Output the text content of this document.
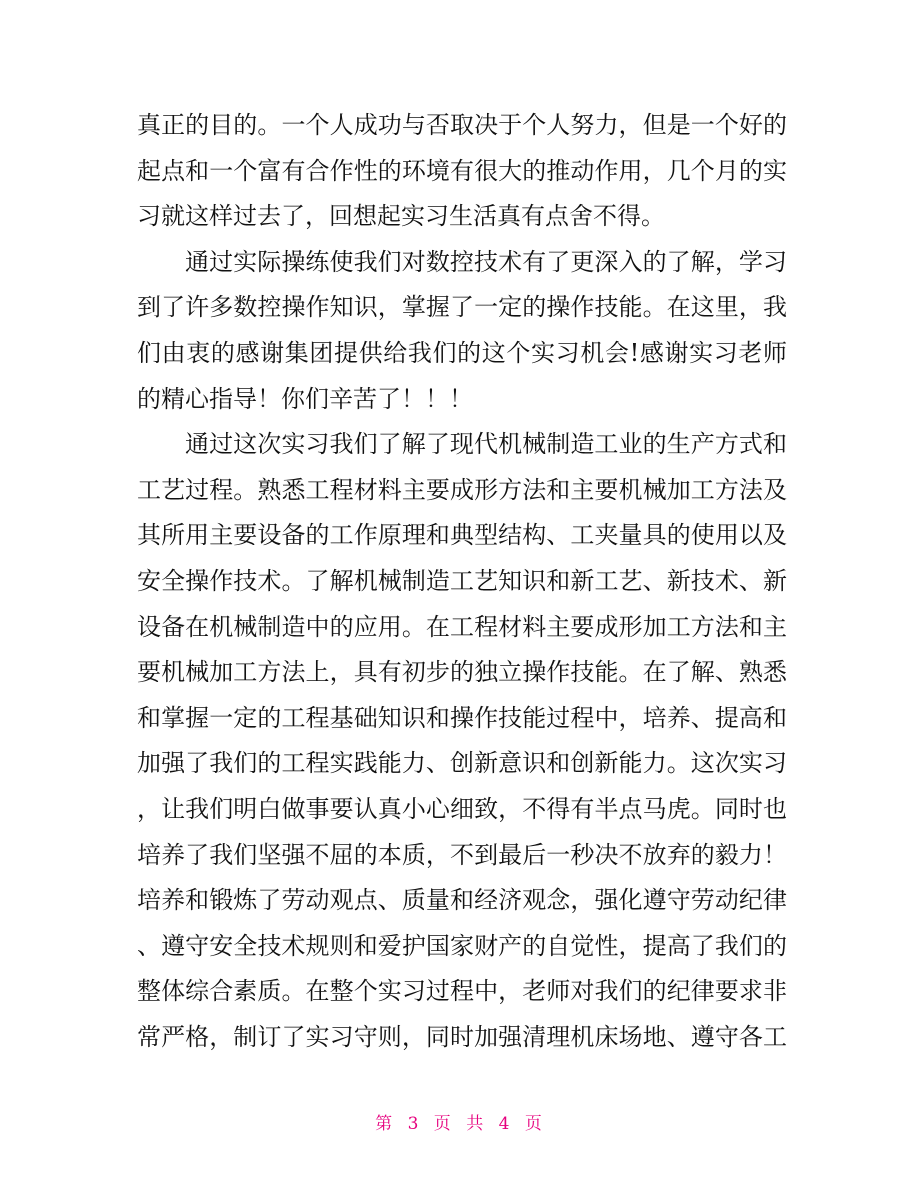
真正的目的。一个人成功与否取决于个人努力，但是一个好的
起点和一个富有合作性的环境有很大的推动作用，几个月的实
习就这样过去了，回想起实习生活真有点舍不得。
通过实际操练使我们对数控技术有了更深入的了解，学习
到了许多数控操作知识，掌握了一定的操作技能。在这里，我
们由衷的感谢集团提供给我们的这个实习机会!感谢实习老师
的精心指导！你们辛苦了！！！
通过这次实习我们了解了现代机械制造工业的生产方式和
工艺过程。熟悉工程材料主要成形方法和主要机械加工方法及
其所用主要设备的工作原理和典型结构、工夹量具的使用以及
安全操作技术。了解机械制造工艺知识和新工艺、新技术、新
设备在机械制造中的应用。在工程材料主要成形加工方法和主
要机械加工方法上，具有初步的独立操作技能。在了解、熟悉
和掌握一定的工程基础知识和操作技能过程中，培养、提高和
加强了我们的工程实践能力、创新意识和创新能力。这次实习
，让我们明白做事要认真小心细致，不得有半点马虎。同时也
培养了我们坚强不屈的本质，不到最后一秒决不放弃的毅力！
培养和锻炼了劳动观点、质量和经济观念，强化遵守劳动纪律
、遵守安全技术规则和爱护国家财产的自觉性，提高了我们的
整体综合素质。在整个实习过程中，老师对我们的纪律要求非
常严格，制订了实习守则，同时加强清理机床场地、遵守各工
第 3 页 共 4 页
